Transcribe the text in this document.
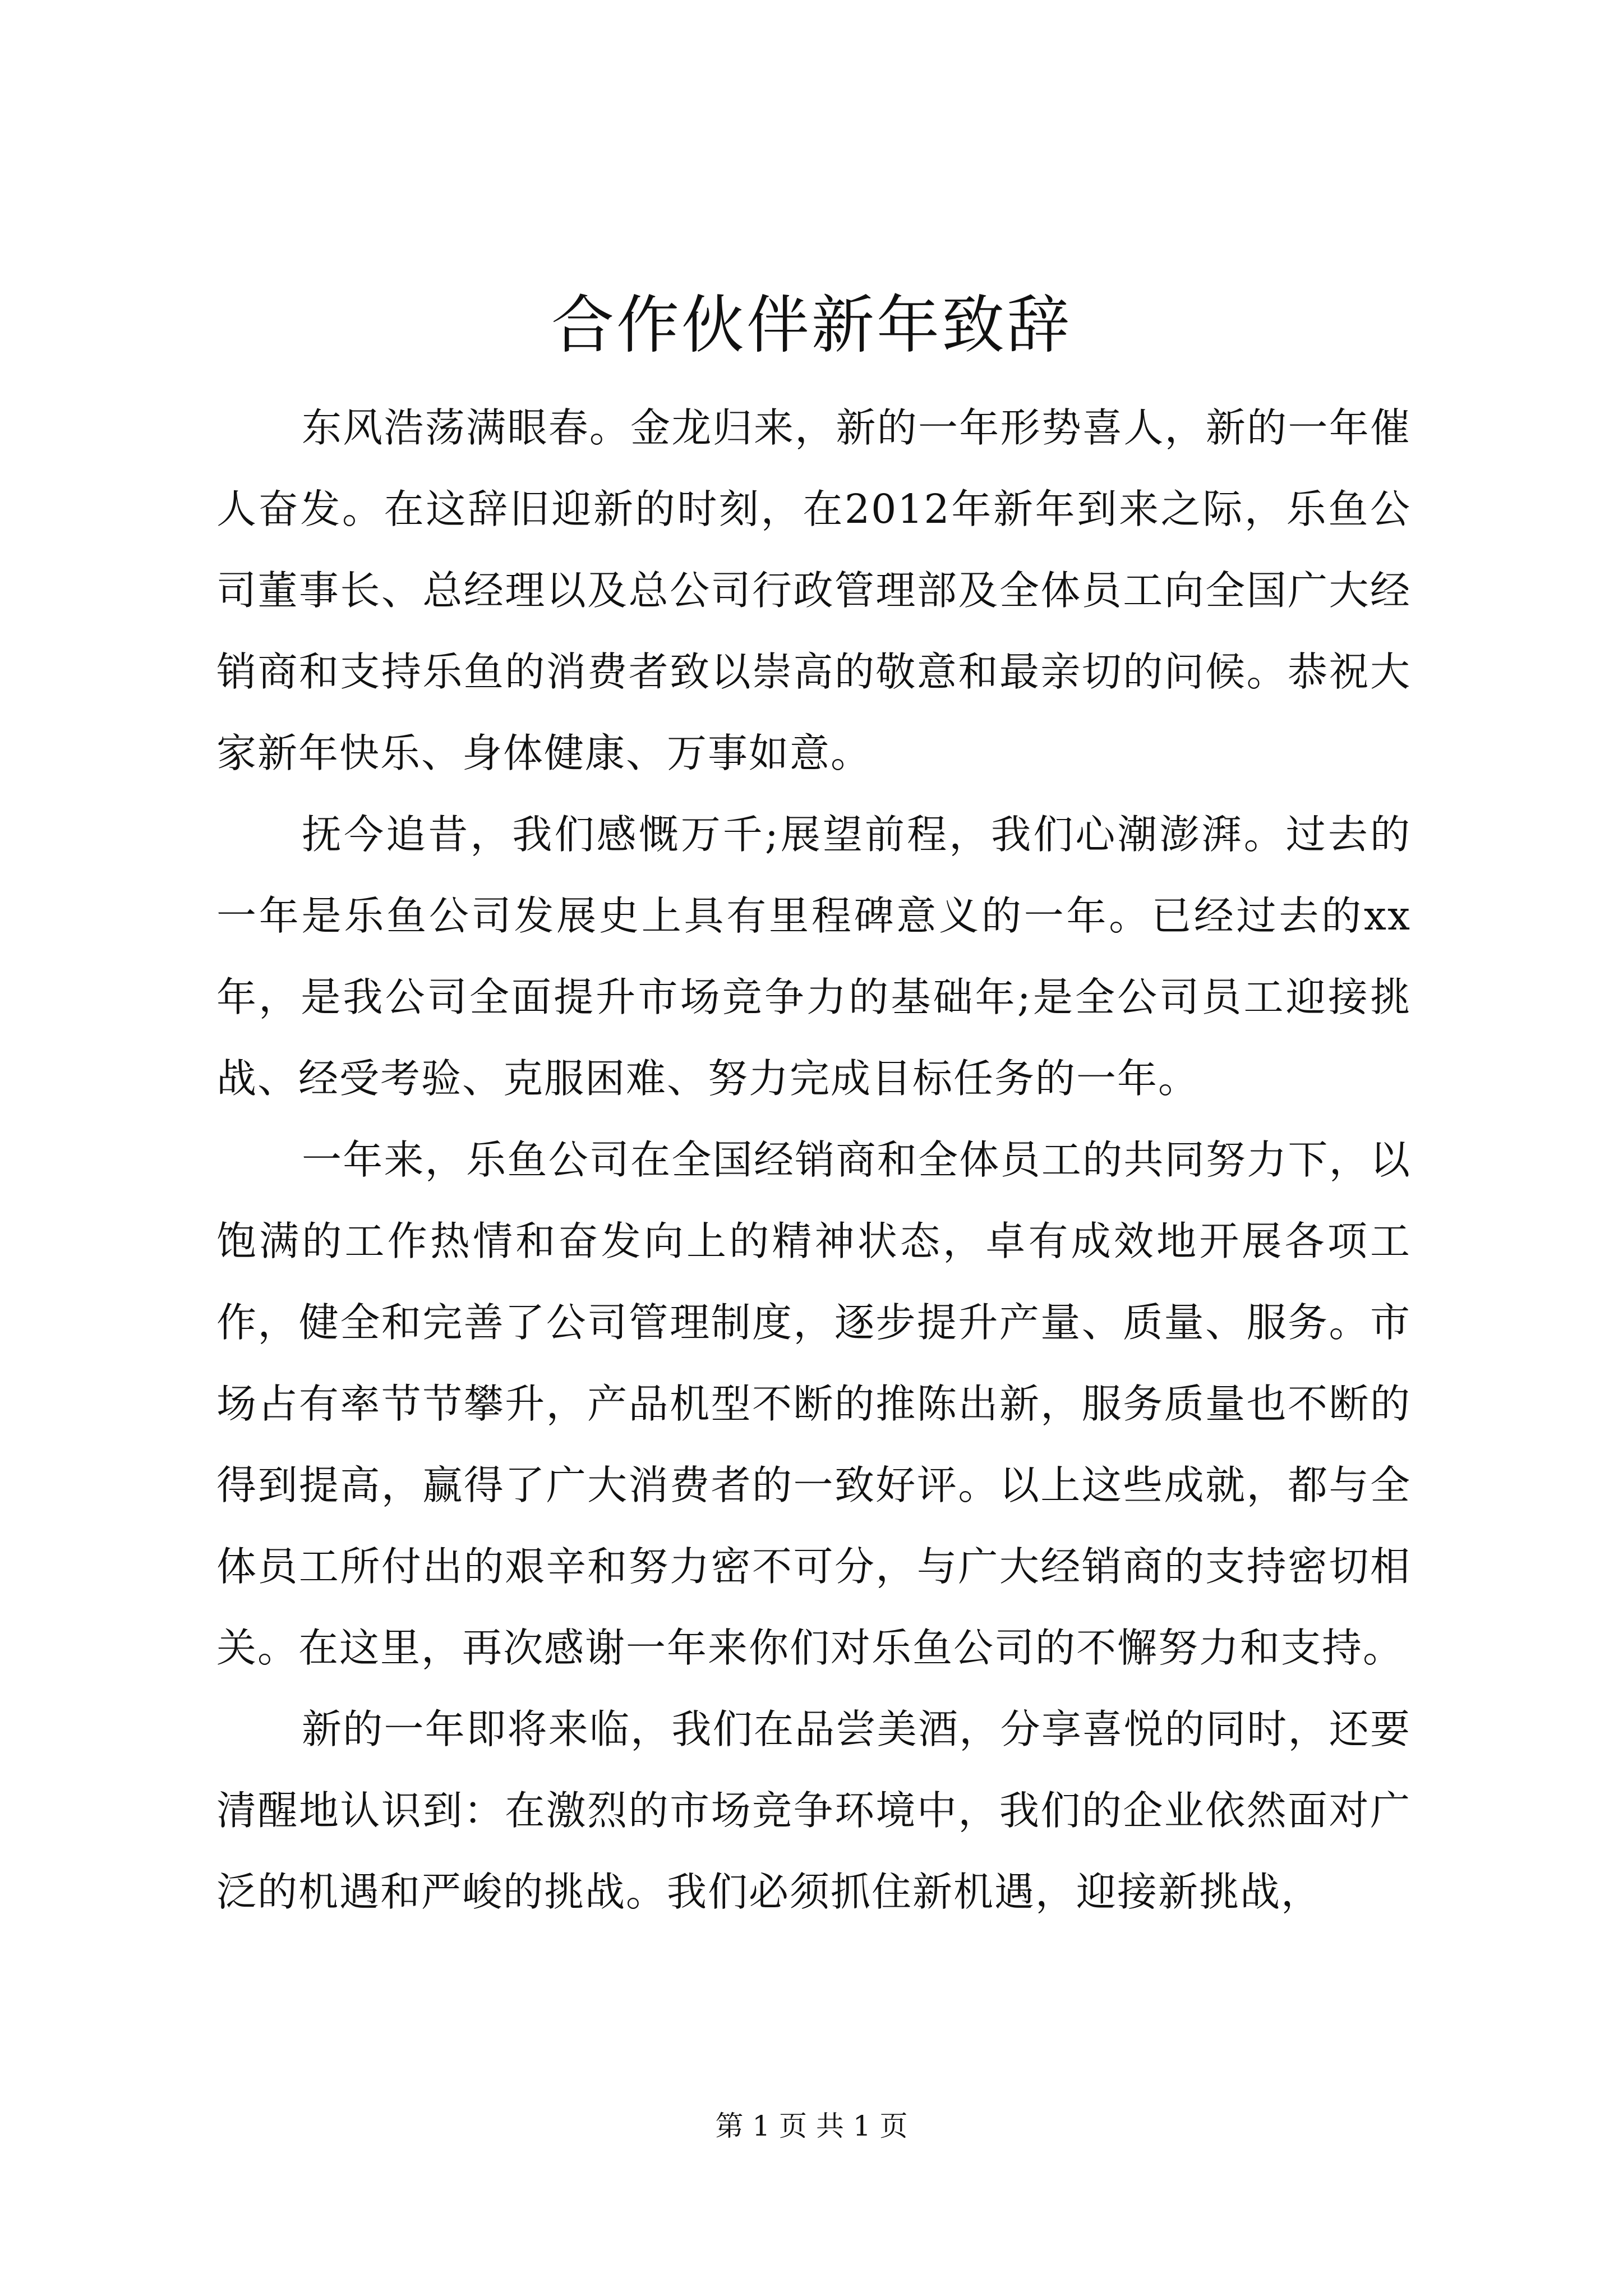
合作伙伴新年致辞

东风浩荡满眼春。金龙归来，新的一年形势喜人，新的一年催人奋发。在这辞旧迎新的时刻，在2012年新年到来之际，乐鱼公司董事长、总经理以及总公司行政管理部及全体员工向全国广大经销商和支持乐鱼的消费者致以崇高的敬意和最亲切的问候。恭祝大家新年快乐、身体健康、万事如意。

抚今追昔，我们感慨万千;展望前程，我们心潮澎湃。过去的一年是乐鱼公司发展史上具有里程碑意义的一年。已经过去的xx年，是我公司全面提升市场竞争力的基础年;是全公司员工迎接挑战、经受考验、克服困难、努力完成目标任务的一年。

一年来，乐鱼公司在全国经销商和全体员工的共同努力下，以饱满的工作热情和奋发向上的精神状态，卓有成效地开展各项工作，健全和完善了公司管理制度，逐步提升产量、质量、服务。市场占有率节节攀升，产品机型不断的推陈出新，服务质量也不断的得到提高，赢得了广大消费者的一致好评。以上这些成就，都与全体员工所付出的艰辛和努力密不可分，与广大经销商的支持密切相关。在这里，再次感谢一年来你们对乐鱼公司的不懈努力和支持。

新的一年即将来临，我们在品尝美酒，分享喜悦的同时，还要清醒地认识到：在激烈的市场竞争环境中，我们的企业依然面对广泛的机遇和严峻的挑战。我们必须抓住新机遇，迎接新挑战，

第 1 页 共 1 页
